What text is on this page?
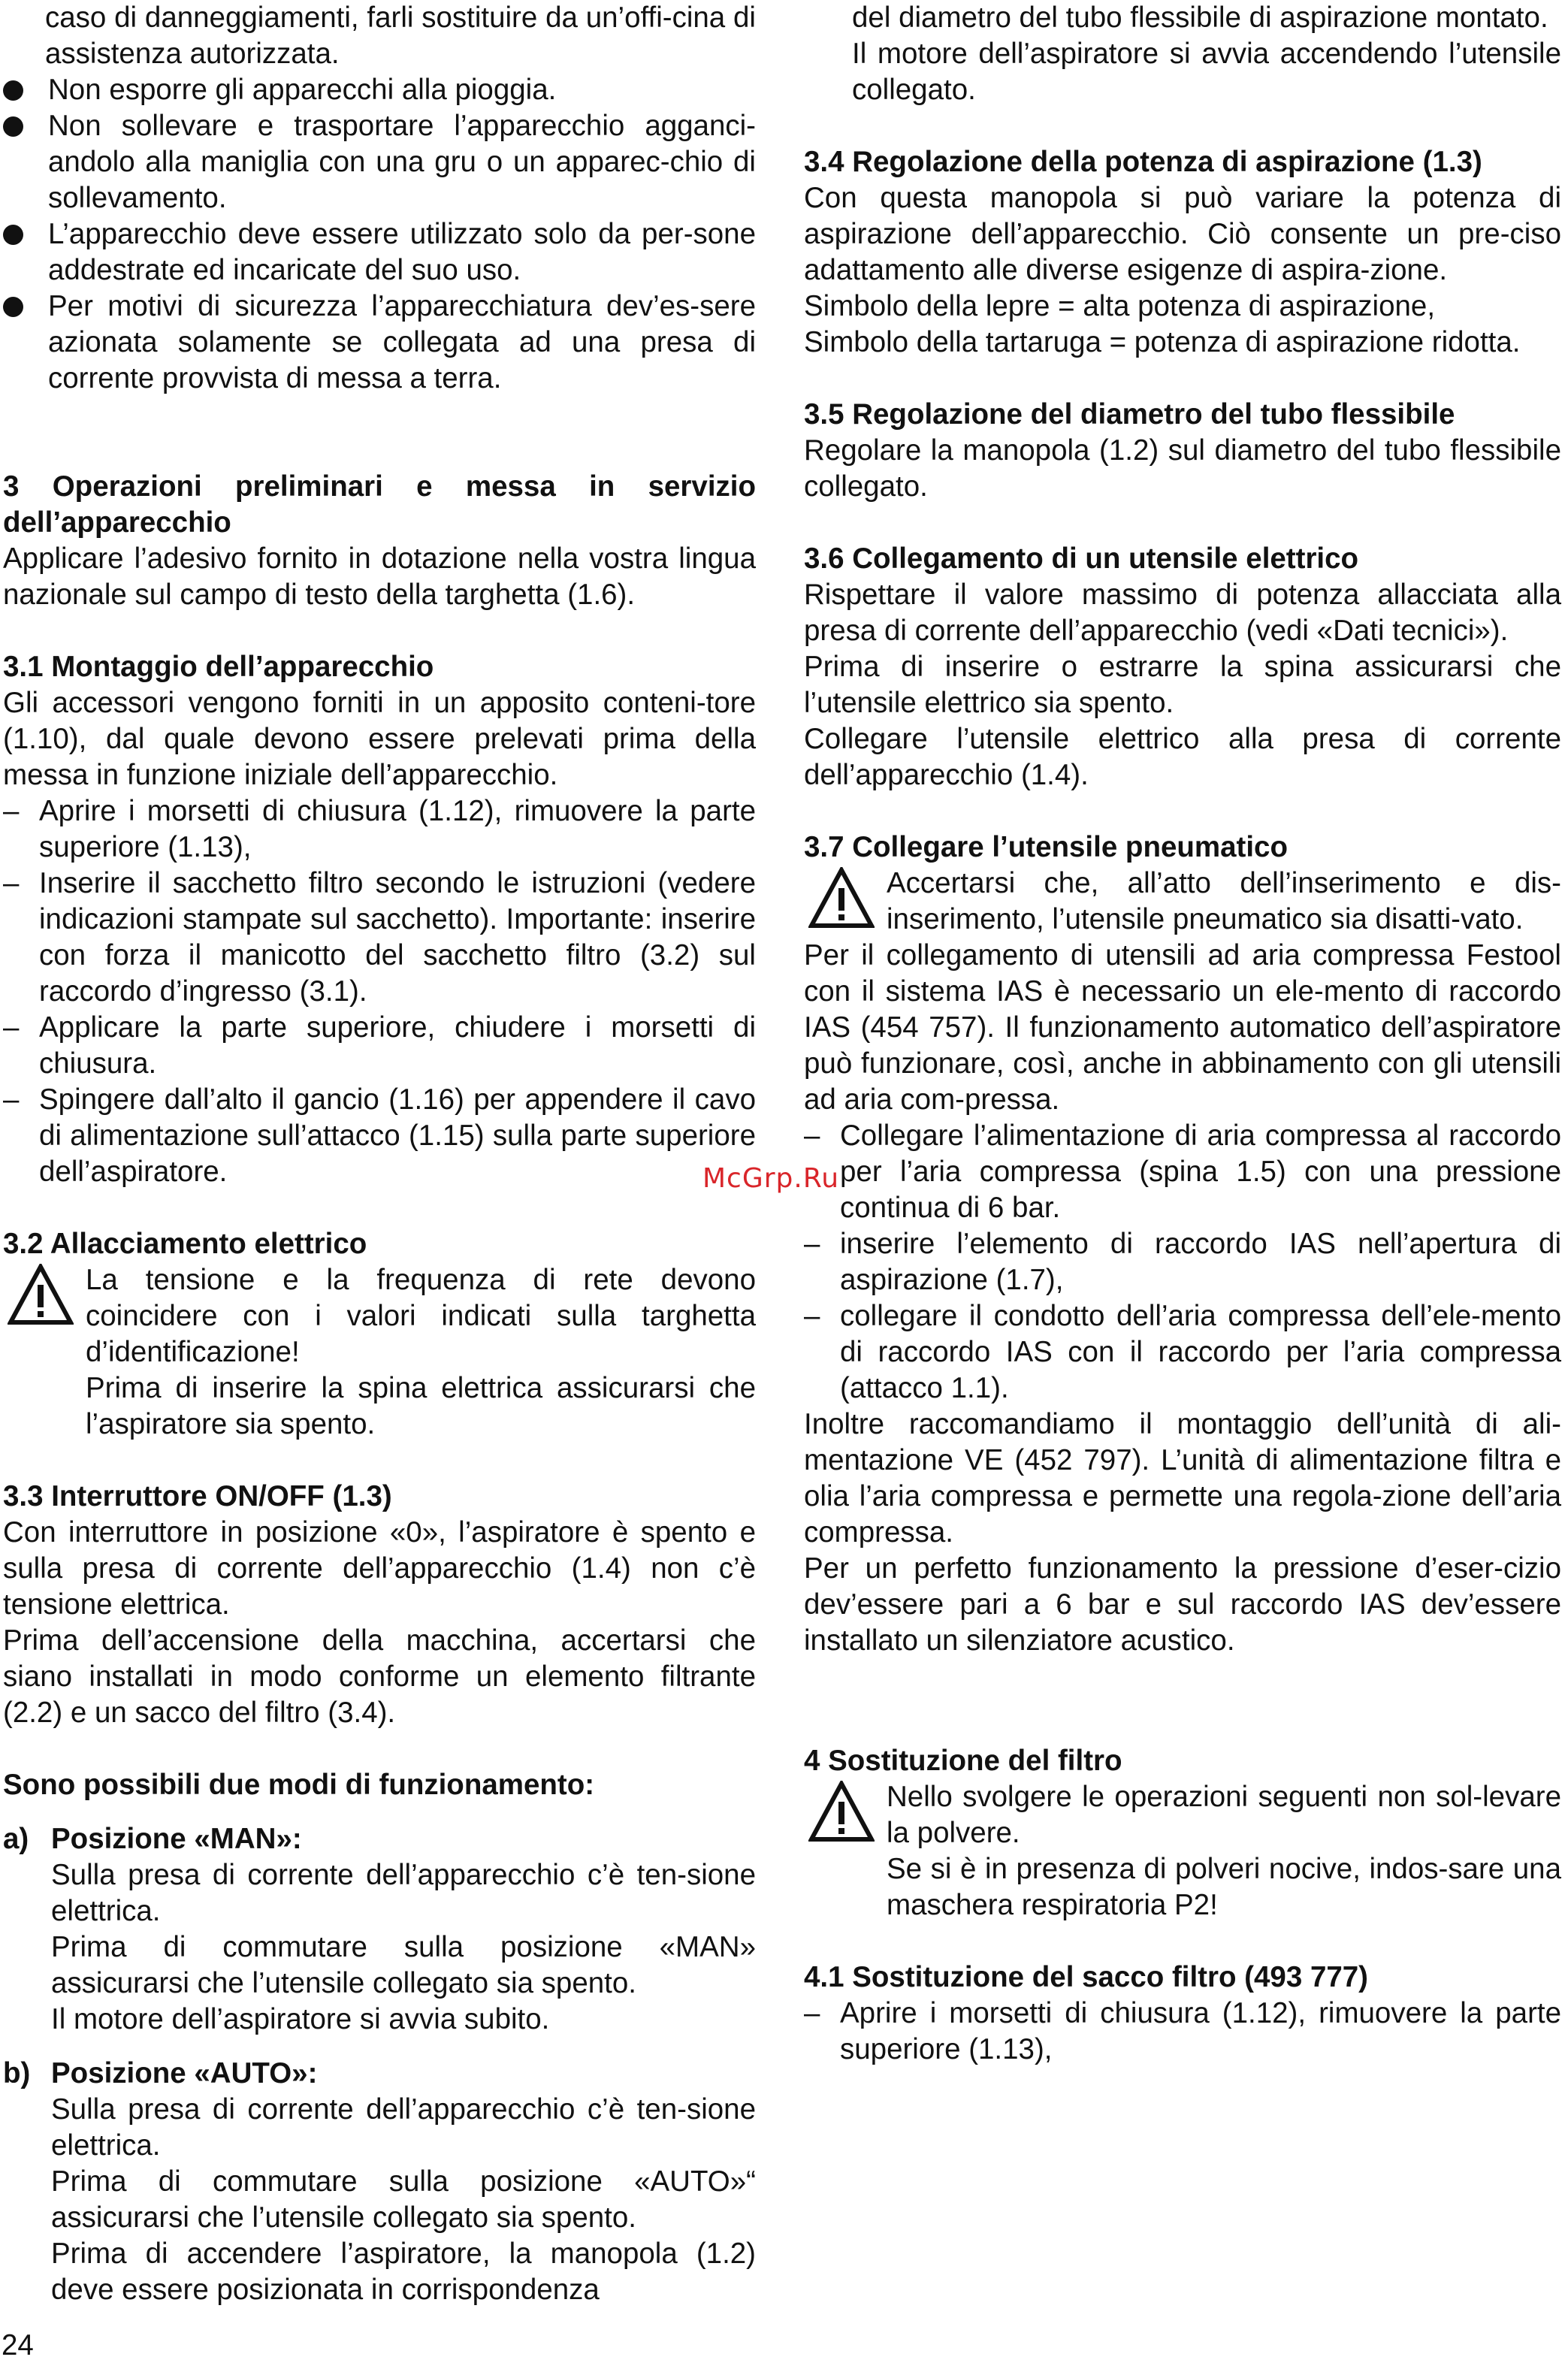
caso di danneggiamenti, farli sostituire da un’offi-cina di assistenza autorizzata.

Non esporre gli apparecchi alla pioggia.
Non sollevare e trasportare l’apparecchio agganci-andolo alla maniglia con una gru o un apparec-chio di sollevamento.
L’apparecchio deve essere utilizzato solo da per-sone addestrate ed incaricate del suo uso.
Per motivi di sicurezza l’apparecchiatura dev’es-sere azionata solamente se collegata ad una presa di corrente provvista di messa a terra.

3 Operazioni preliminari e messa in servizio dell’apparecchio

Applicare l’adesivo fornito in dotazione nella vostra lingua nazionale sul campo di testo della targhetta (1.6).

3.1 Montaggio dell’apparecchio

Gli accessori vengono forniti in un apposito conteni-tore (1.10), dal quale devono essere prelevati prima della messa in funzione iniziale dell’apparecchio.

– Aprire i morsetti di chiusura (1.12), rimuovere la parte superiore (1.13),
– Inserire il sacchetto filtro secondo le istruzioni (vedere indicazioni stampate sul sacchetto). Importante: inserire con forza il manicotto del sacchetto filtro (3.2) sul raccordo d’ingresso (3.1).
– Applicare la parte superiore, chiudere i morsetti di chiusura.
– Spingere dall’alto il gancio (1.16) per appendere il cavo di alimentazione sull’attacco (1.15) sulla parte superiore dell’aspiratore.

3.2 Allacciamento elettrico

La tensione e la frequenza di rete devono coincidere con i valori indicati sulla targhetta d’identificazione!

Prima di inserire la spina elettrica assicurarsi che l’aspiratore sia spento.

3.3 Interruttore ON/OFF (1.3)

Con interruttore in posizione «0», l’aspiratore è spento e sulla presa di corrente dell’apparecchio (1.4) non c’è tensione elettrica.

Prima dell’accensione della macchina, accertarsi che siano installati in modo conforme un elemento filtrante (2.2) e un sacco del filtro (3.4).

Sono possibili due modi di funzionamento:

a) Posizione «MAN»:

Sulla presa di corrente dell’apparecchio c’è ten-sione elettrica.

Prima di commutare sulla posizione «MAN» assicurarsi che l’utensile collegato sia spento.

Il motore dell’aspiratore si avvia subito.

b) Posizione «AUTO»:

Sulla presa di corrente dell’apparecchio c’è ten-sione elettrica.

Prima di commutare sulla posizione «AUTO»“ assicurarsi che l’utensile collegato sia spento.

Prima di accendere l’aspiratore, la manopola (1.2) deve essere posizionata in corrispondenza

del diametro del tubo flessibile di aspirazione montato.

Il motore dell’aspiratore si avvia accendendo l’utensile collegato.

3.4 Regolazione della potenza di aspirazione (1.3)

Con questa manopola si può variare la potenza di aspirazione dell’apparecchio. Ciò consente un pre-ciso adattamento alle diverse esigenze di aspira-zione.

Simbolo della lepre = alta potenza di aspirazione,

Simbolo della tartaruga = potenza di aspirazione ridotta.

3.5 Regolazione del diametro del tubo flessibile

Regolare la manopola (1.2) sul diametro del tubo flessibile collegato.

3.6 Collegamento di un utensile elettrico

Rispettare il valore massimo di potenza allacciata alla presa di corrente dell’apparecchio (vedi «Dati tecnici»).

Prima di inserire o estrarre la spina assicurarsi che l’utensile elettrico sia spento.

Collegare l’utensile elettrico alla presa di corrente dell’apparecchio (1.4).

3.7 Collegare l’utensile pneumatico

Accertarsi che, all’atto dell’inserimento e dis-inserimento, l’utensile pneumatico sia disatti-vato.

Per il collegamento di utensili ad aria compressa Festool con il sistema IAS è necessario un ele-mento di raccordo IAS (454 757). Il funzionamento automatico dell’aspiratore può funzionare, così, anche in abbinamento con gli utensili ad aria com-pressa.

– Collegare l’alimentazione di aria compressa al raccordo per l’aria compressa (spina 1.5) con una pressione continua di 6 bar.
– inserire l’elemento di raccordo IAS nell’apertura di aspirazione (1.7),
– collegare il condotto dell’aria compressa dell’ele-mento di raccordo IAS con il raccordo per l’aria compressa (attacco 1.1).

Inoltre raccomandiamo il montaggio dell’unità di ali-mentazione VE (452 797). L’unità di alimentazione filtra e olia l’aria compressa e permette una regola-zione dell’aria compressa.

Per un perfetto funzionamento la pressione d’eser-cizio dev’essere pari a 6 bar e sul raccordo IAS dev’essere installato un silenziatore acustico.

4 Sostituzione del filtro

Nello svolgere le operazioni seguenti non sol-levare la polvere.

Se si è in presenza di polveri nocive, indos-sare una maschera respiratoria P2!

4.1 Sostituzione del sacco filtro (493 777)

– Aprire i morsetti di chiusura (1.12), rimuovere la parte superiore (1.13),
McGrp.Ru
24
